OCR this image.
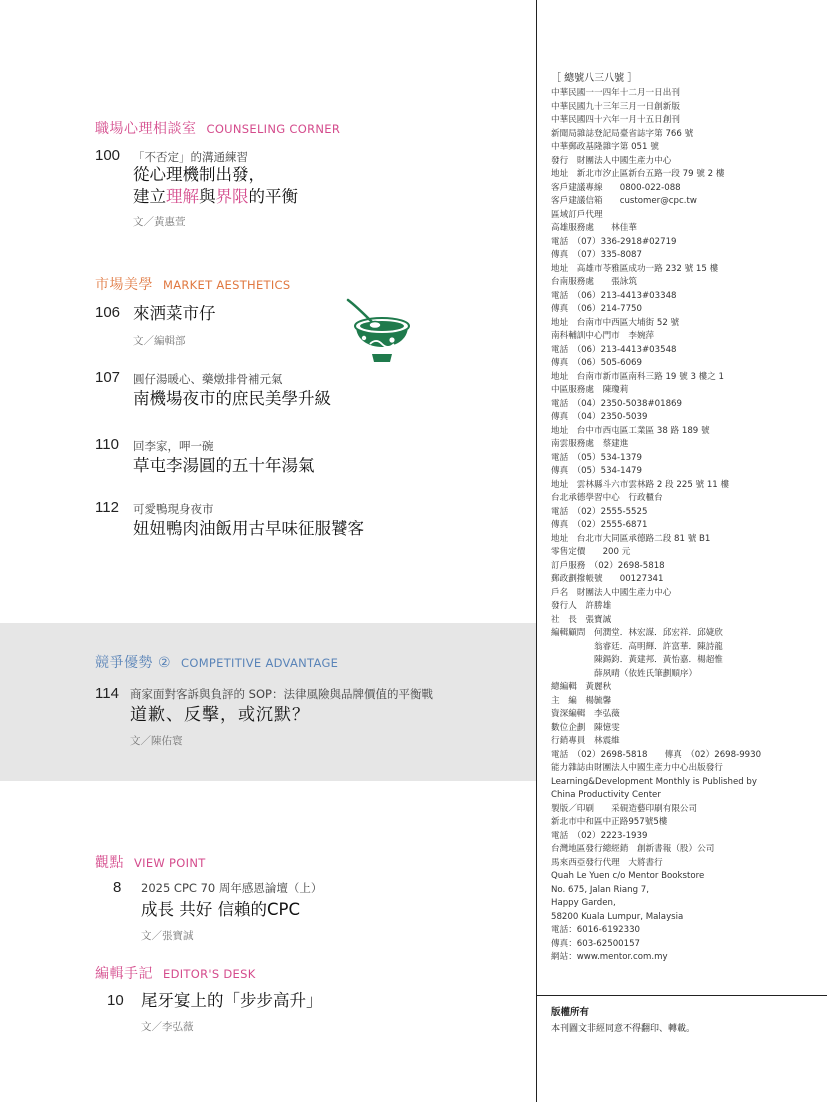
職場心理相談室 COUNSELING CORNER
100 「不否定」的溝通練習
從心理機制出發，
建立理解與界限的平衡
文／黃惠萱
市場美學 MARKET AESTHETICS
106 來洒菜市仔
文／編輯部
107 圓仔湯暖心、藥燉排骨補元氣
南機場夜市的庶民美學升級
110 回李家，呷一碗
草屯李湯圓的五十年湯氣
112 可愛鴨現身夜市
妞妞鴨肉油飯用古早味征服饕客
競爭優勢 ② COMPETITIVE ADVANTAGE
114 商家面對客訴與負評的 SOP：法律風險與品牌價值的平衡戰
道歉、反擊，或沉默？
文／陳佑寰
觀點 VIEW POINT
8 2025 CPC 70 周年感恩論壇（上）
成長 共好 信賴的CPC
文／張寶誠
編輯手記 EDITOR'S DESK
10 尾牙宴上的「步步高升」
文／李弘薇
［ 總號八三八號 ］
中華民國一一四年十二月一日出刊
中華民國九十三年三月一日創新版
中華民國四十六年一月十五日創刊
新聞局雜誌登記局臺省誌字第 766 號
中華郵政基隆雜字第 051 號
發行　財團法人中國生產力中心
地址　新北市汐止區新台五路一段 79 號 2 樓
客戶建議專線　　0800-022-088
客戶建議信箱　　customer@cpc.tw
區域訂戶代理
高雄服務處　　林佳華
電話　（07）336-2918#02719
傳真　（07）335-8087
地址　高雄市苓雅區成功一路 232 號 15 樓
台南服務處　　張詠筑
電話　（06）213-4413#03348
傳真　（06）214-7750
地址　台南市中西區大埔街 52 號
南科輔訓中心門市　李婉萍
電話　（06）213-4413#03548
傳真　（06）505-6069
地址　台南市新市區南科三路 19 號 3 樓之 1
中區服務處　陳瓊莉
電話　（04）2350-5038#01869
傳真　（04）2350-5039
地址　台中市西屯區工業區 38 路 189 號
南雲服務處　蔡建進
電話　（05）534-1379
傳真　（05）534-1479
地址　雲林縣斗六市雲林路 2 段 225 號 11 樓
台北承德學習中心　行政櫃台
電話　（02）2555-5525
傳真　（02）2555-6871
地址　台北市大同區承德路二段 81 號 B1
零售定價　　200 元
訂戶服務　（02）2698-5818
郵政劃撥帳號　　00127341
戶名　財團法人中國生產力中心
發行人　許勝雄
社　長　張寶誠
編輯顧問　何潤堂．林宏謀．邱宏祥．邱婕欣
　　　　　翁睿廷．高明輝．許富華．陳詩龍
　　　　　陳錫鈞．黃建邦．黃怡嘉．楊超惟
　　　　　薛夙晴（依姓氏筆劃順序）
總編輯　黃麗秋
主　編　楊毓馨
資深編輯　李弘薇
數位企劃　陳憶雯
行銷專員　林震維
電話　（02）2698-5818　　傳真　（02）2698-9930
能力雜誌由財團法人中國生產力中心出版發行
Learning&Development Monthly is Published by
China Productivity Center
製版／印刷　　采硯造藝印刷有限公司
新北市中和區中正路957號5樓
電話　（02）2223-1939
台灣地區發行總經銷　創新書報（股）公司
馬來西亞發行代理　大將書行
Quah Le Yuen c/o Mentor Bookstore
No. 675, Jalan Riang 7,
Happy Garden,
58200 Kuala Lumpur, Malaysia
電話：6016-6192330
傳真：603-62500157
網站：www.mentor.com.my
版權所有
本刊圖文非經同意不得翻印、轉載。
